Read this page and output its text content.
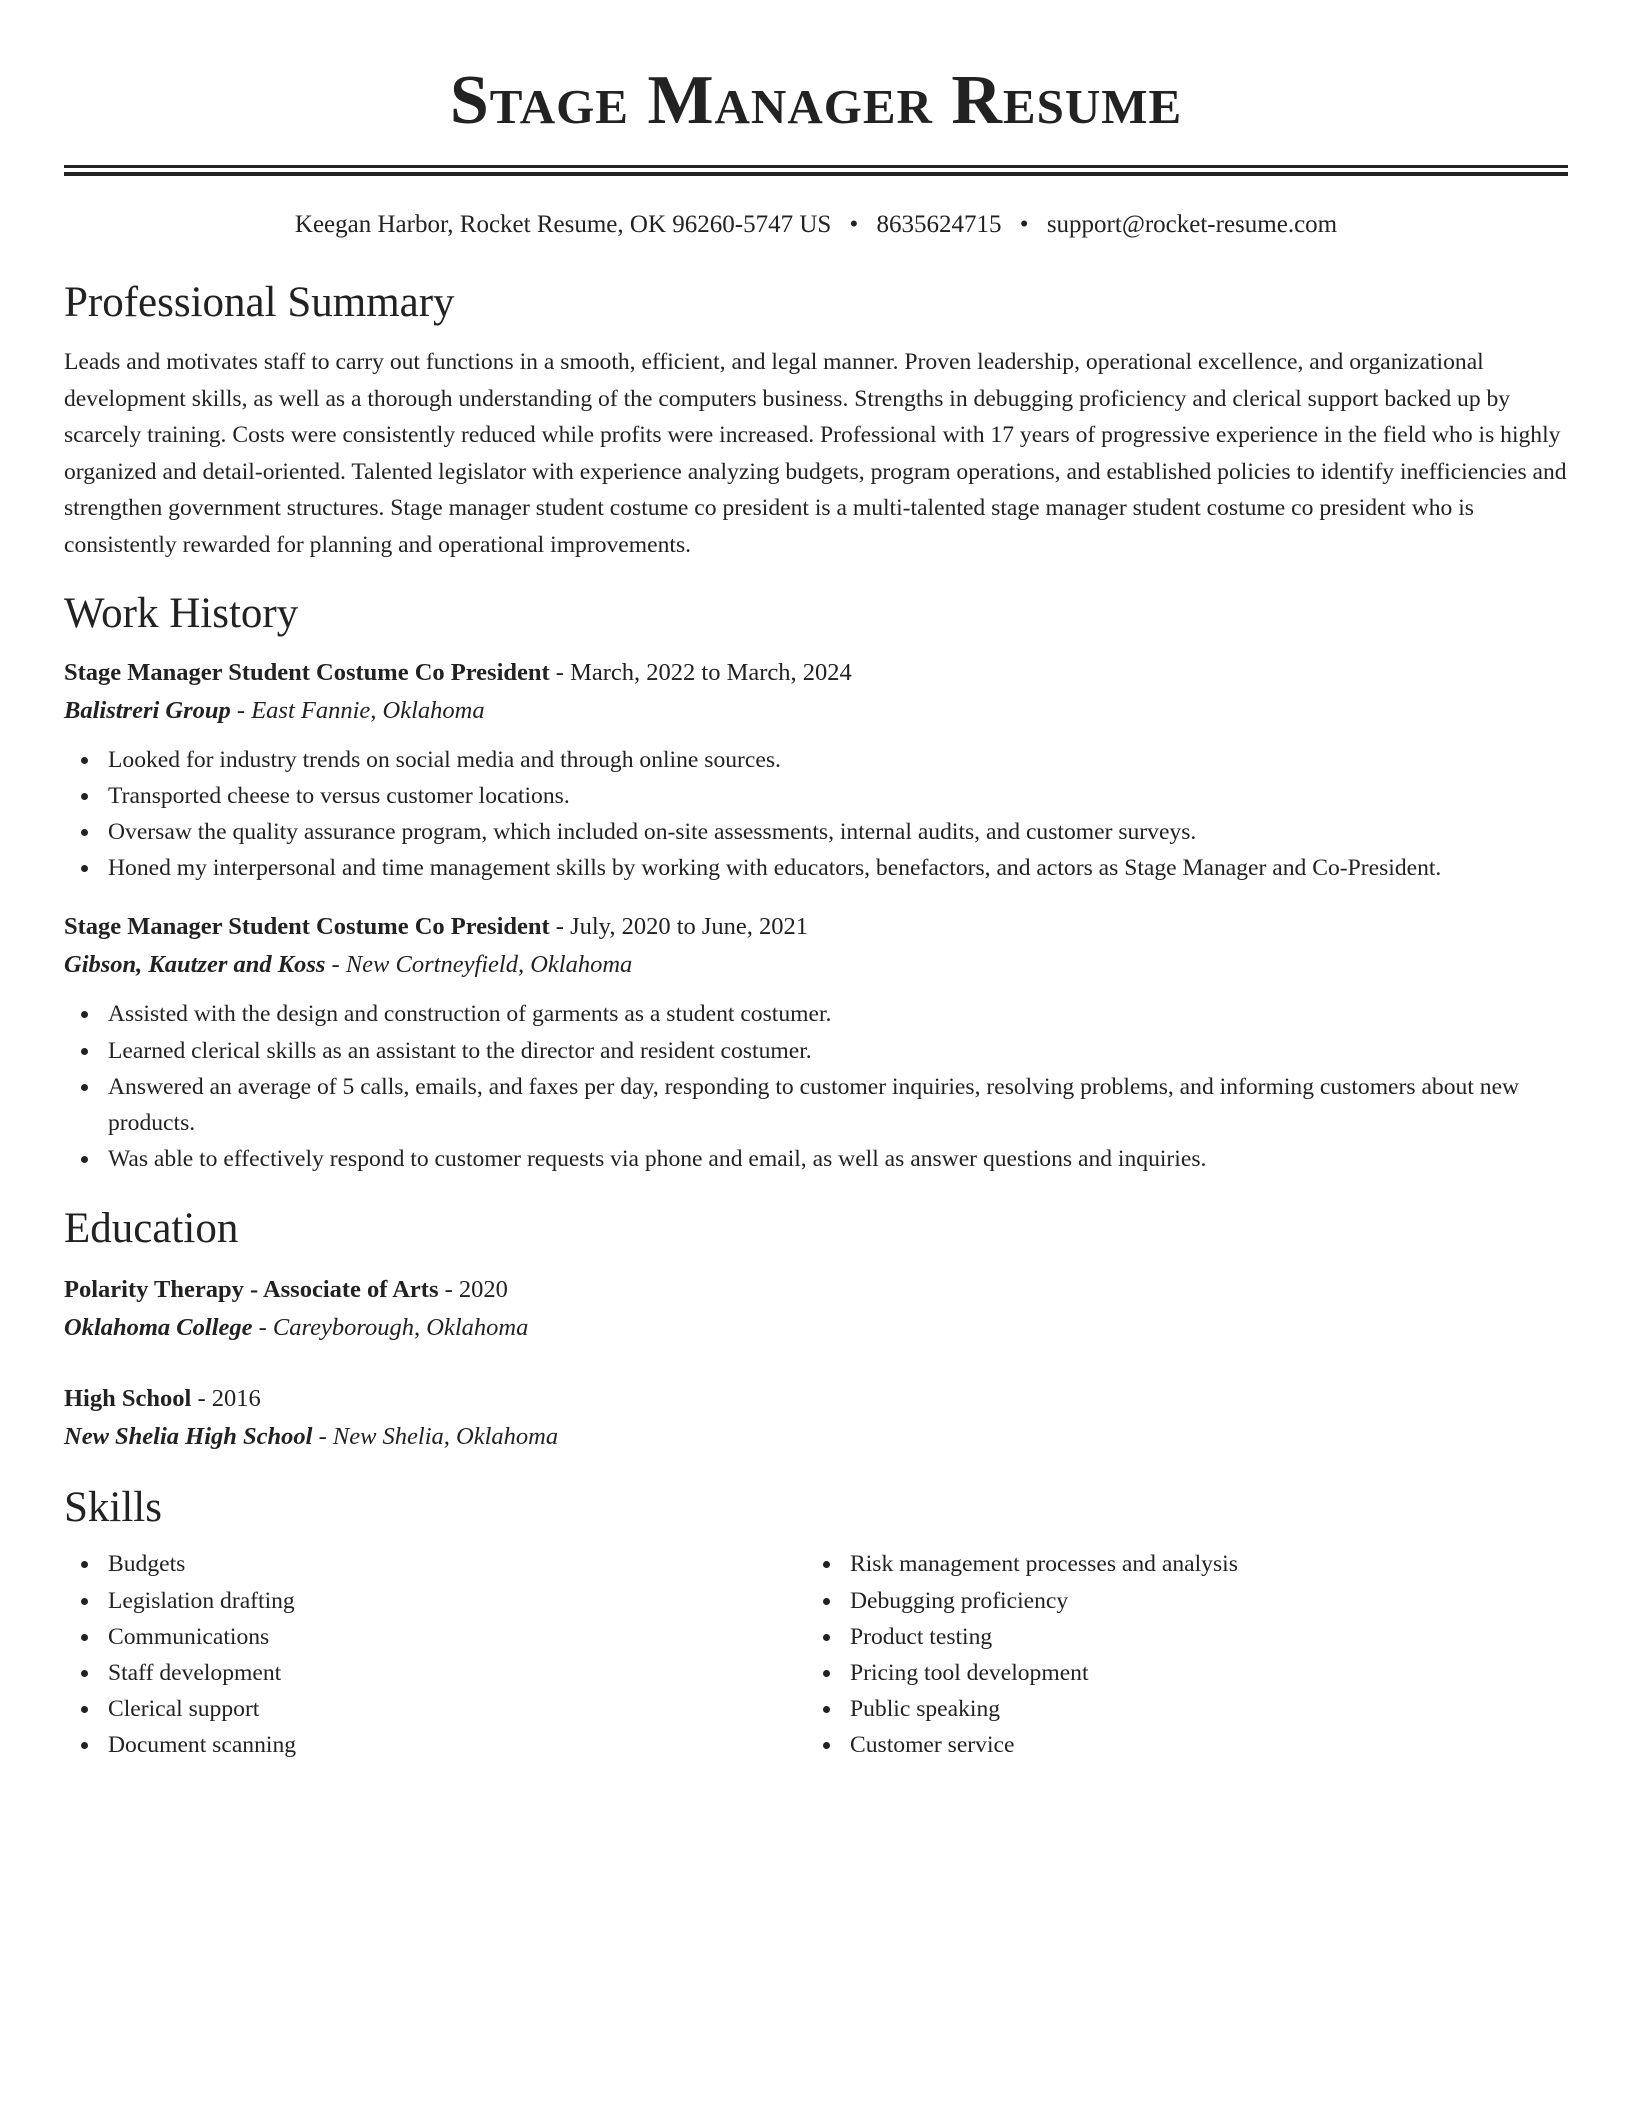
Stage Manager Resume
Keegan Harbor, Rocket Resume, OK 96260-5747 US • 8635624715 • support@rocket-resume.com
Professional Summary

Leads and motivates staff to carry out functions in a smooth, efficient, and legal manner. Proven leadership, operational excellence, and organizational development skills, as well as a thorough understanding of the computers business. Strengths in debugging proficiency and clerical support backed up by scarcely training. Costs were consistently reduced while profits were increased. Professional with 17 years of progressive experience in the field who is highly organized and detail-oriented. Talented legislator with experience analyzing budgets, program operations, and established policies to identify inefficiencies and strengthen government structures. Stage manager student costume co president is a multi-talented stage manager student costume co president who is consistently rewarded for planning and operational improvements.

Work History
Stage Manager Student Costume Co President - March, 2022 to March, 2024
Balistreri Group - East Fannie, Oklahoma
Looked for industry trends on social media and through online sources.
Transported cheese to versus customer locations.
Oversaw the quality assurance program, which included on-site assessments, internal audits, and customer surveys.
Honed my interpersonal and time management skills by working with educators, benefactors, and actors as Stage Manager and Co-President.
Stage Manager Student Costume Co President - July, 2020 to June, 2021
Gibson, Kautzer and Koss - New Cortneyfield, Oklahoma
Assisted with the design and construction of garments as a student costumer.
Learned clerical skills as an assistant to the director and resident costumer.
Answered an average of 5 calls, emails, and faxes per day, responding to customer inquiries, resolving problems, and informing customers about new products.
Was able to effectively respond to customer requests via phone and email, as well as answer questions and inquiries.
Education
Polarity Therapy - Associate of Arts - 2020
Oklahoma College - Careyborough, Oklahoma
High School - 2016
New Shelia High School - New Shelia, Oklahoma
Skills
Budgets
Legislation drafting
Communications
Staff development
Clerical support
Document scanning
Risk management processes and analysis
Debugging proficiency
Product testing
Pricing tool development
Public speaking
Customer service
